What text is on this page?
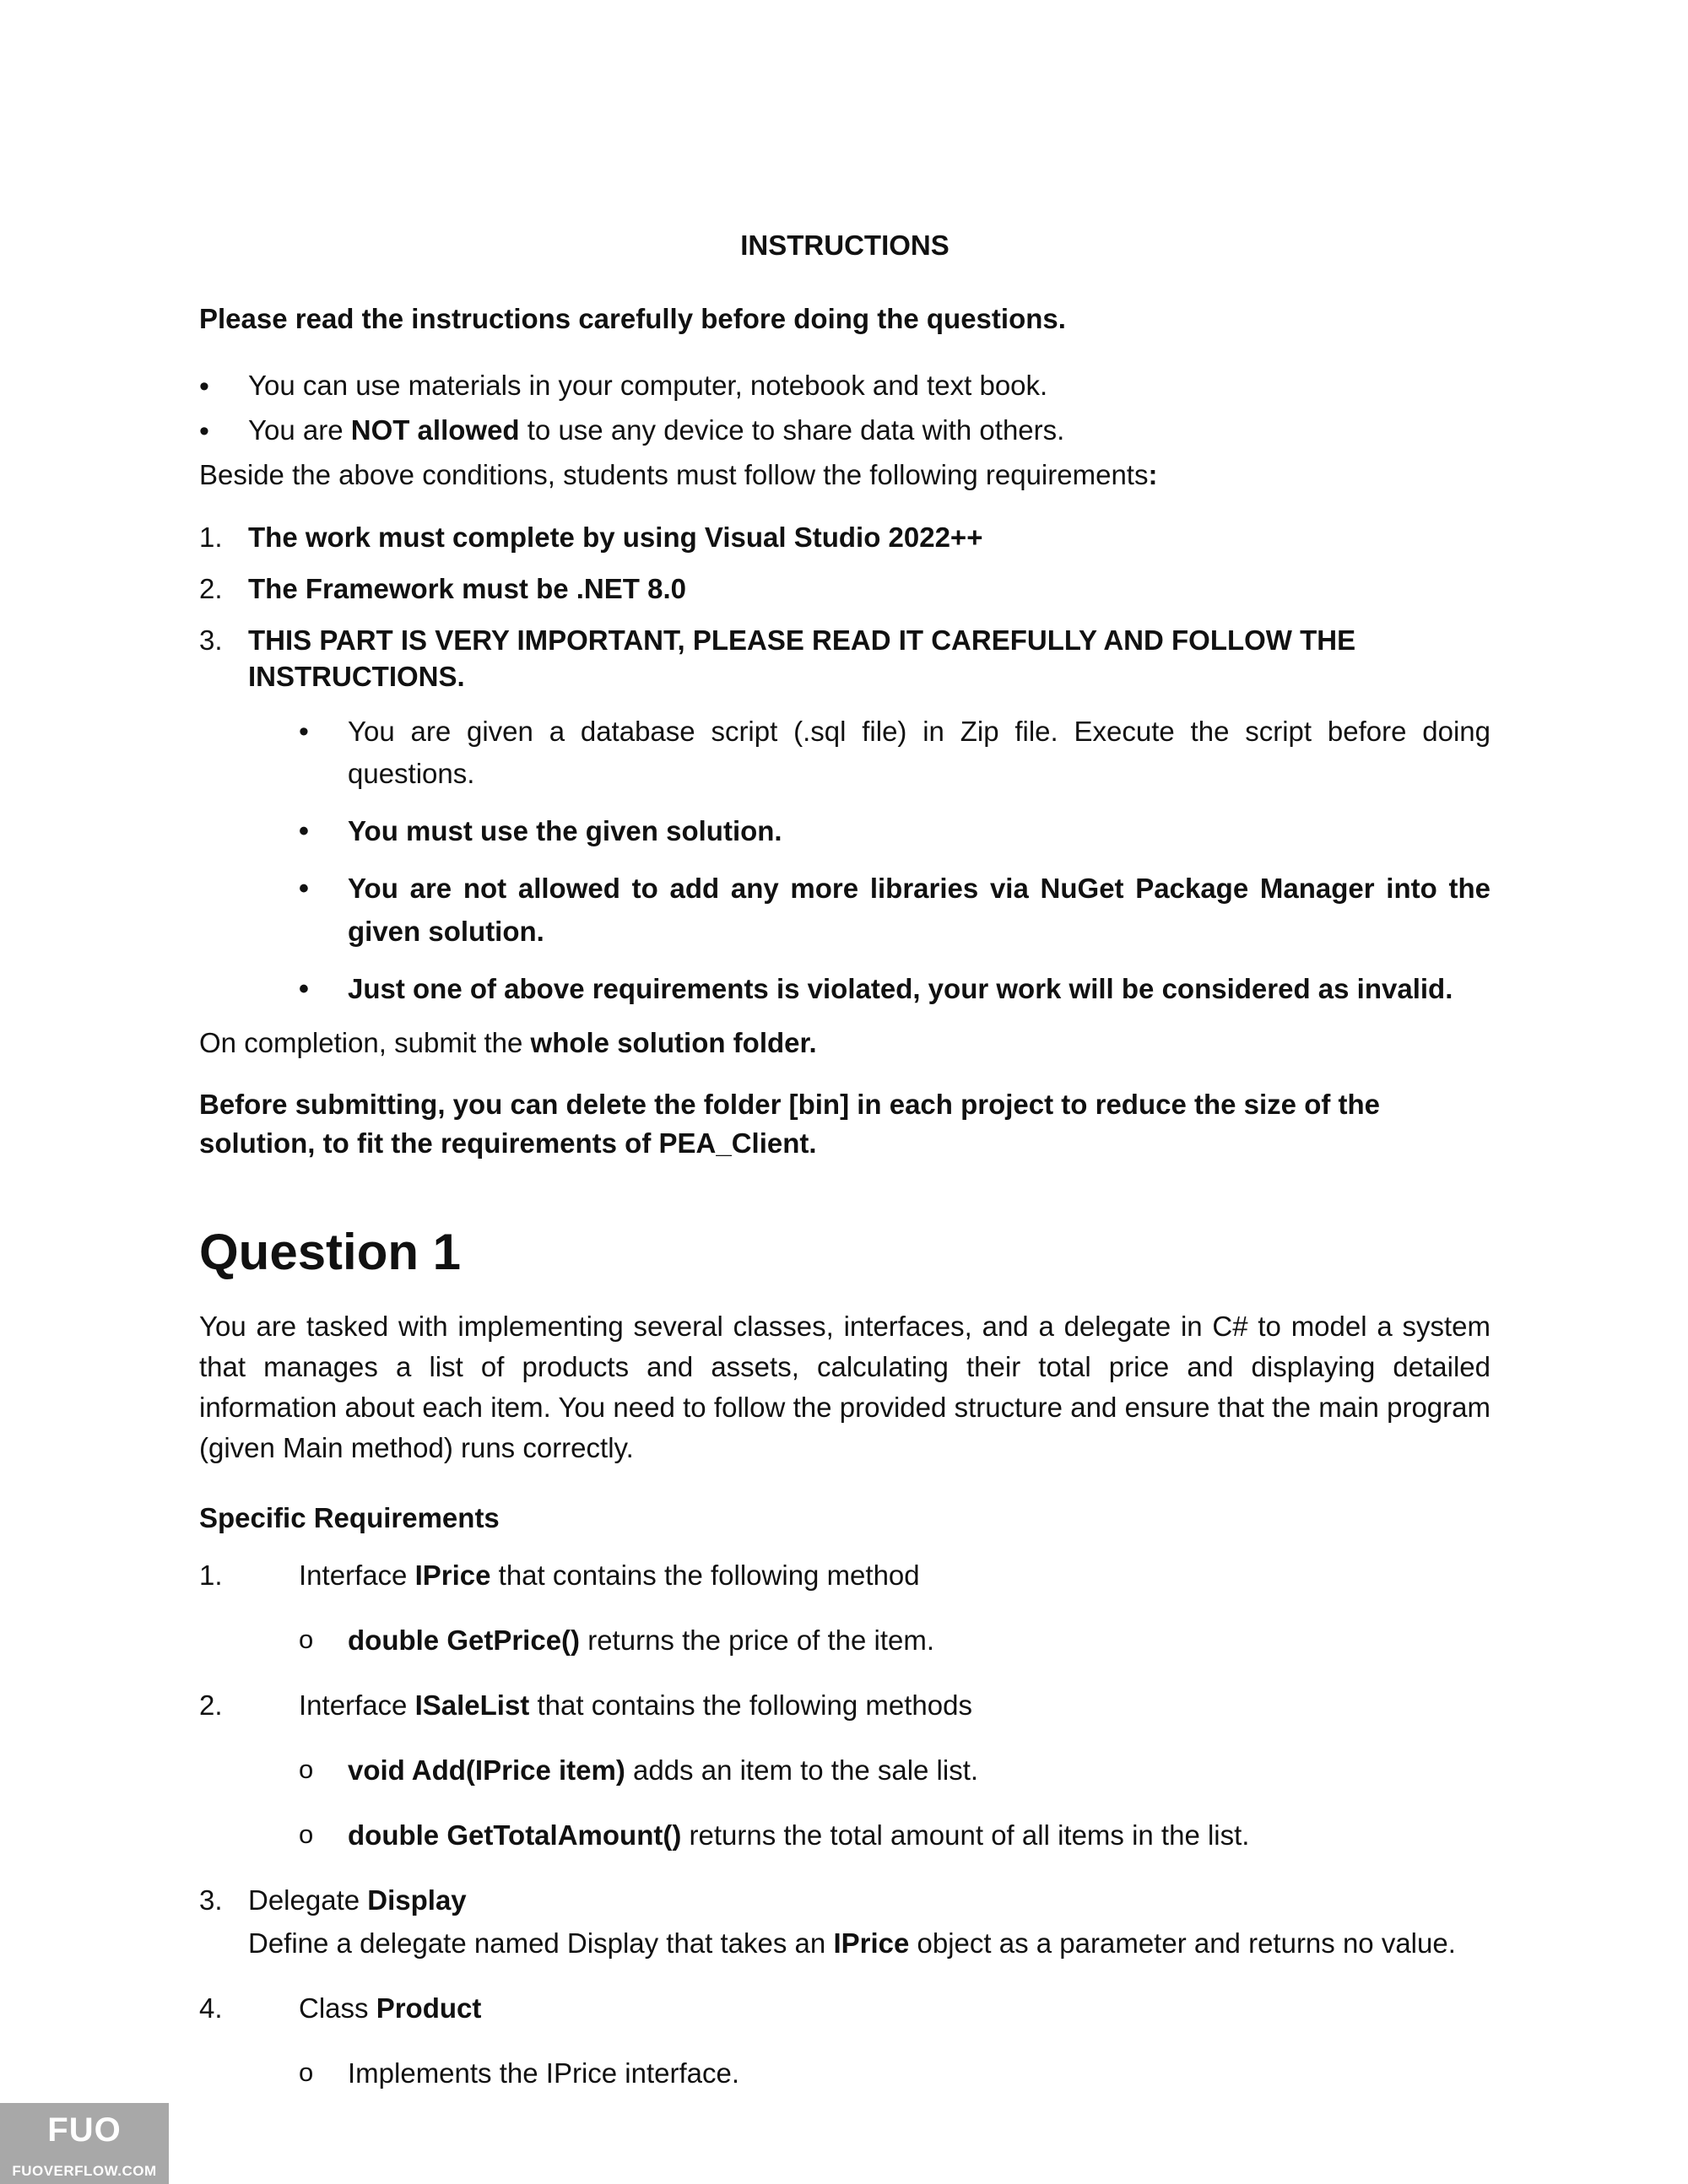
INSTRUCTIONS

Please read the instructions carefully before doing the questions.

• You can use materials in your computer, notebook and text book.
• You are NOT allowed to use any device to share data with others.

Beside the above conditions, students must follow the following requirements:

1. The work must complete by using Visual Studio 2022++
2. The Framework must be .NET 8.0
3. THIS PART IS VERY IMPORTANT, PLEASE READ IT CAREFULLY AND FOLLOW THE INSTRUCTIONS.
• You are given a database script (.sql file) in Zip file. Execute the script before doing questions.
• You must use the given solution.
• You are not allowed to add any more libraries via NuGet Package Manager into the given solution.
• Just one of above requirements is violated, your work will be considered as invalid.

On completion, submit the whole solution folder.

Before submitting, you can delete the folder [bin] in each project to reduce the size of the solution, to fit the requirements of PEA_Client.

Question 1

You are tasked with implementing several classes, interfaces, and a delegate in C# to model a system that manages a list of products and assets, calculating their total price and displaying detailed information about each item. You need to follow the provided structure and ensure that the main program (given Main method) runs correctly.

Specific Requirements

1.	Interface IPrice that contains the following method
o double GetPrice() returns the price of the item.
2.	Interface ISaleList that contains the following methods
o void Add(IPrice item) adds an item to the sale list.
o double GetTotalAmount() returns the total amount of all items in the list.
3. Delegate Display

Define a delegate named Display that takes an IPrice object as a parameter and returns no value.

4.	Class Product
o Implements the IPrice interface.
FUO
FUOVERFLOW.COM
